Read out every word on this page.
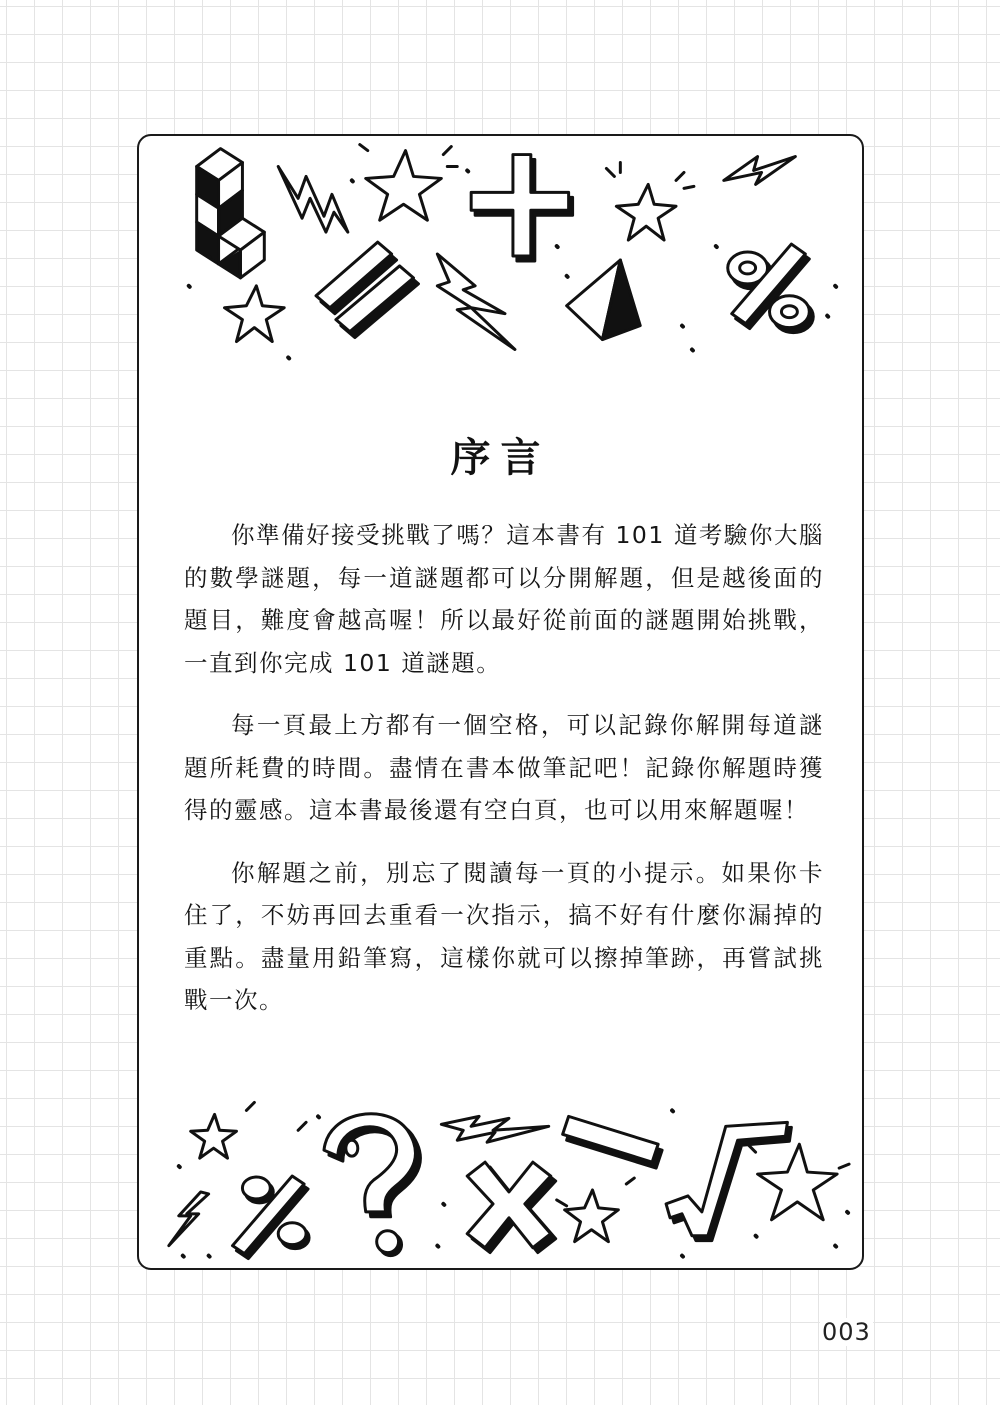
序言

你準備好接受挑戰了嗎？這本書有 101 道考驗你大腦的數學謎題，每一道謎題都可以分開解題，但是越後面的題目，難度會越高喔！所以最好從前面的謎題開始挑戰，一直到你完成 101 道謎題。

每一頁最上方都有一個空格，可以記錄你解開每道謎題所耗費的時間。盡情在書本做筆記吧！記錄你解題時獲得的靈感。這本書最後還有空白頁，也可以用來解題喔！

你解題之前，別忘了閱讀每一頁的小提示。如果你卡住了，不妨再回去重看一次指示，搞不好有什麼你漏掉的重點。盡量用鉛筆寫，這樣你就可以擦掉筆跡，再嘗試挑戰一次。

003
